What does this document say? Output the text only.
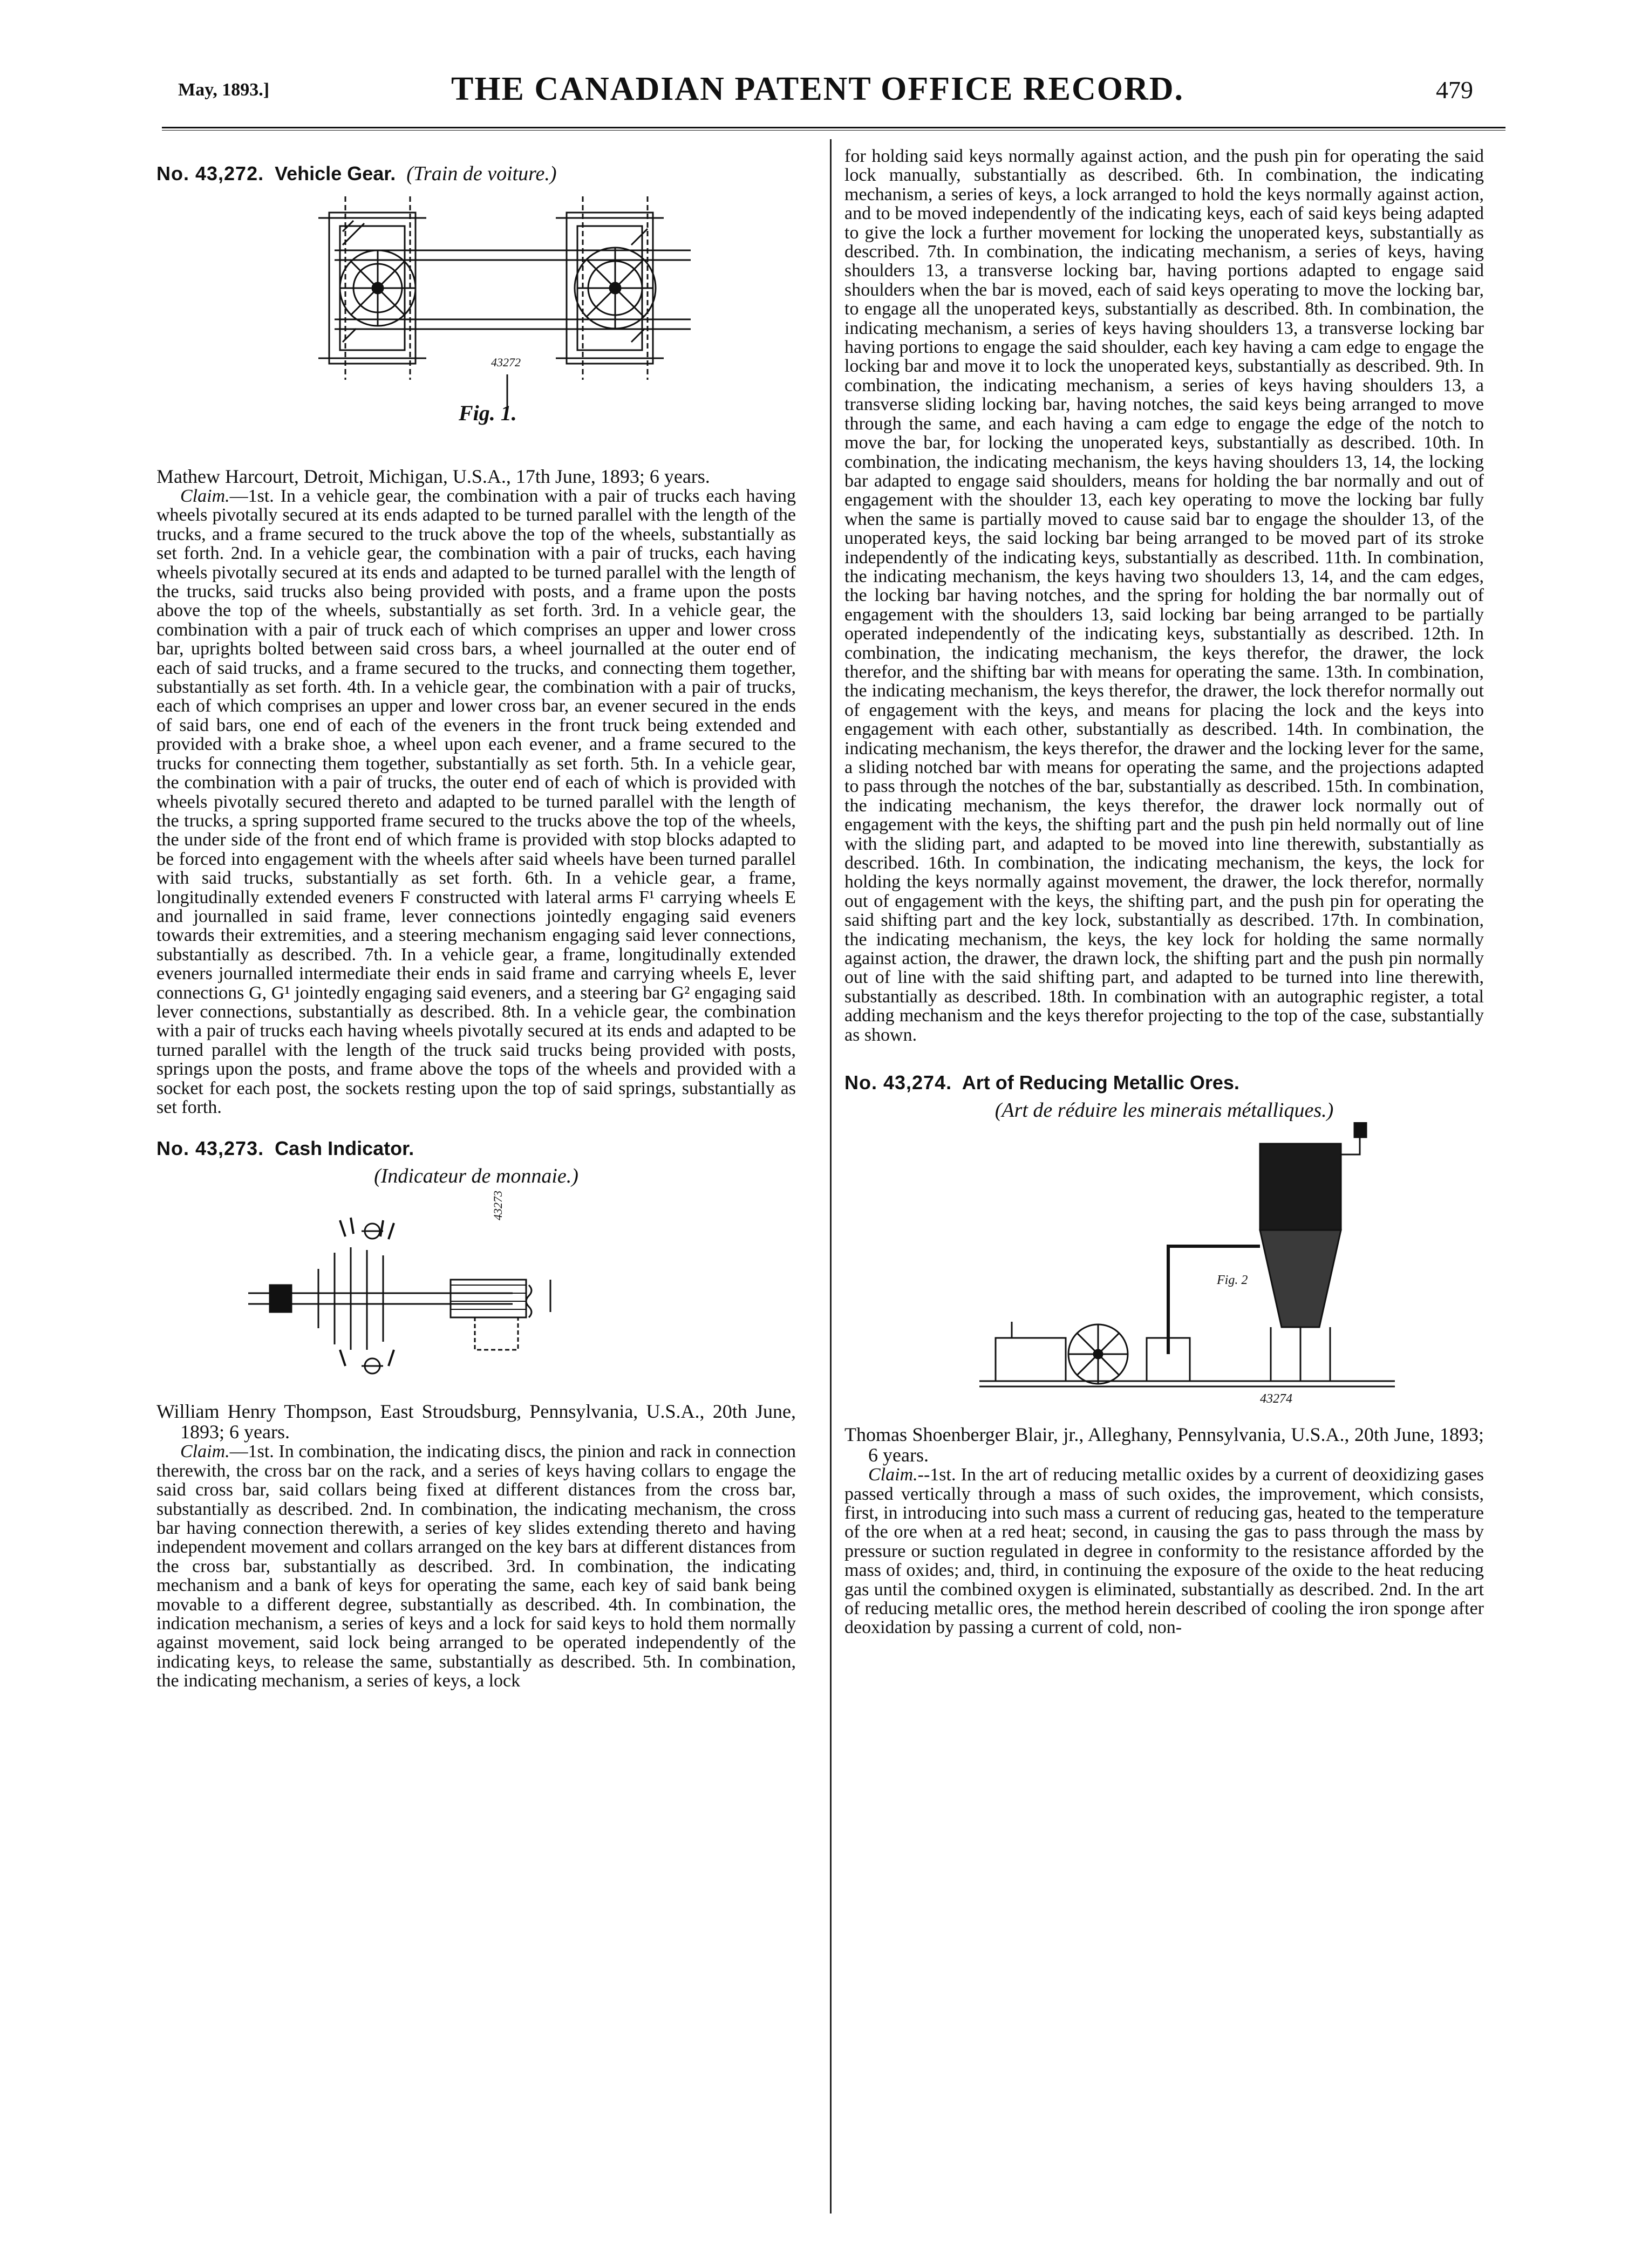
May, 1893.]	THE CANADIAN PATENT OFFICE RECORD.	479

No. 43,272. Vehicle Gear. (Train de voiture.)

43272
Fig. 1.

Mathew Harcourt, Detroit, Michigan, U.S.A., 17th June, 1893; 6 years.

Claim.—1st. In a vehicle gear, the combination with a pair of trucks each having wheels pivotally secured at its ends adapted to be turned parallel with the length of the trucks, and a frame secured to the truck above the top of the wheels, substantially as set forth. 2nd. In a vehicle gear, the combination with a pair of trucks, each having wheels pivotally secured at its ends and adapted to be turned parallel with the length of the trucks, said trucks also being provided with posts, and a frame upon the posts above the top of the wheels, substantially as set forth. 3rd. In a vehicle gear, the combination with a pair of truck each of which comprises an upper and lower cross bar, uprights bolted between said cross bars, a wheel journalled at the outer end of each of said trucks, and a frame secured to the trucks, and connecting them together, substantially as set forth. 4th. In a vehicle gear, the combination with a pair of trucks, each of which comprises an upper and lower cross bar, an evener secured in the ends of said bars, one end of each of the eveners in the front truck being extended and provided with a brake shoe, a wheel upon each evener, and a frame secured to the trucks for connecting them together, substantially as set forth. 5th. In a vehicle gear, the combination with a pair of trucks, the outer end of each of which is provided with wheels pivotally secured thereto and adapted to be turned parallel with the length of the trucks, a spring supported frame secured to the trucks above the top of the wheels, the under side of the front end of which frame is provided with stop blocks adapted to be forced into engagement with the wheels after said wheels have been turned parallel with said trucks, substantially as set forth. 6th. In a vehicle gear, a frame, longitudinally extended eveners F constructed with lateral arms F¹ carrying wheels E and journalled in said frame, lever connections jointedly engaging said eveners towards their extremities, and a steering mechanism engaging said lever connections, substantially as described. 7th. In a vehicle gear, a frame, longitudinally extended eveners journalled intermediate their ends in said frame and carrying wheels E, lever connections G, G¹ jointedly engaging said eveners, and a steering bar G² engaging said lever connections, substantially as described. 8th. In a vehicle gear, the combination with a pair of trucks each having wheels pivotally secured at its ends and adapted to be turned parallel with the length of the truck said trucks being provided with posts, springs upon the posts, and frame above the tops of the wheels and provided with a socket for each post, the sockets resting upon the top of said springs, substantially as set forth.

No. 43,273. Cash Indicator.

(Indicateur de monnaie.)

43273

William Henry Thompson, East Stroudsburg, Pennsylvania, U.S.A., 20th June, 1893; 6 years.

Claim.—1st. In combination, the indicating discs, the pinion and rack in connection therewith, the cross bar on the rack, and a series of keys having collars to engage the said cross bar, said collars being fixed at different distances from the cross bar, substantially as described. 2nd. In combination, the indicating mechanism, the cross bar having connection therewith, a series of key slides extending thereto and having independent movement and collars arranged on the key bars at different distances from the cross bar, substantially as described. 3rd. In combination, the indicating mechanism and a bank of keys for operating the same, each key of said bank being movable to a different degree, substantially as described. 4th. In combination, the indication mechanism, a series of keys and a lock for said keys to hold them normally against movement, said lock being arranged to be operated independently of the indicating keys, to release the same, substantially as described. 5th. In combination, the indicating mechanism, a series of keys, a lock

for holding said keys normally against action, and the push pin for operating the said lock manually, substantially as described. 6th. In combination, the indicating mechanism, a series of keys, a lock arranged to hold the keys normally against action, and to be moved independently of the indicating keys, each of said keys being adapted to give the lock a further movement for locking the unoperated keys, substantially as described. 7th. In combination, the indicating mechanism, a series of keys, having shoulders 13, a transverse locking bar, having portions adapted to engage said shoulders when the bar is moved, each of said keys operating to move the locking bar, to engage all the unoperated keys, substantially as described. 8th. In combination, the indicating mechanism, a series of keys having shoulders 13, a transverse locking bar having portions to engage the said shoulder, each key having a cam edge to engage the locking bar and move it to lock the unoperated keys, substantially as described. 9th. In combination, the indicating mechanism, a series of keys having shoulders 13, a transverse sliding locking bar, having notches, the said keys being arranged to move through the same, and each having a cam edge to engage the edge of the notch to move the bar, for locking the unoperated keys, substantially as described. 10th. In combination, the indicating mechanism, the keys having shoulders 13, 14, the locking bar adapted to engage said shoulders, means for holding the bar normally and out of engagement with the shoulder 13, each key operating to move the locking bar fully when the same is partially moved to cause said bar to engage the shoulder 13, of the unoperated keys, the said locking bar being arranged to be moved part of its stroke independently of the indicating keys, substantially as described. 11th. In combination, the indicating mechanism, the keys having two shoulders 13, 14, and the cam edges, the locking bar having notches, and the spring for holding the bar normally out of engagement with the shoulders 13, said locking bar being arranged to be partially operated independently of the indicating keys, substantially as described. 12th. In combination, the indicating mechanism, the keys therefor, the drawer, the lock therefor, and the shifting bar with means for operating the same. 13th. In combination, the indicating mechanism, the keys therefor, the drawer, the lock therefor normally out of engagement with the keys, and means for placing the lock and the keys into engagement with each other, substantially as described. 14th. In combination, the indicating mechanism, the keys therefor, the drawer and the locking lever for the same, a sliding notched bar with means for operating the same, and the projections adapted to pass through the notches of the bar, substantially as described. 15th. In combination, the indicating mechanism, the keys therefor, the drawer lock normally out of engagement with the keys, the shifting part and the push pin held normally out of line with the sliding part, and adapted to be moved into line therewith, substantially as described. 16th. In combination, the indicating mechanism, the keys, the lock for holding the keys normally against movement, the drawer, the lock therefor, normally out of engagement with the keys, the shifting part, and the push pin for operating the said shifting part and the key lock, substantially as described. 17th. In combination, the indicating mechanism, the keys, the key lock for holding the same normally against action, the drawer, the drawn lock, the shifting part and the push pin normally out of line with the said shifting part, and adapted to be turned into line therewith, substantially as described. 18th. In combination with an autographic register, a total adding mechanism and the keys therefor projecting to the top of the case, substantially as shown.

No. 43,274. Art of Reducing Metallic Ores.

(Art de réduire les minerais métalliques.)

Fig. 2
43274

Thomas Shoenberger Blair, jr., Alleghany, Pennsylvania, U.S.A., 20th June, 1893; 6 years.

Claim.--1st. In the art of reducing metallic oxides by a current of deoxidizing gases passed vertically through a mass of such oxides, the improvement, which consists, first, in introducing into such mass a current of reducing gas, heated to the temperature of the ore when at a red heat; second, in causing the gas to pass through the mass by pressure or suction regulated in degree in conformity to the resistance afforded by the mass of oxides; and, third, in continuing the exposure of the oxide to the heat reducing gas until the combined oxygen is eliminated, substantially as described. 2nd. In the art of reducing metallic ores, the method herein described of cooling the iron sponge after deoxidation by passing a current of cold, non-
